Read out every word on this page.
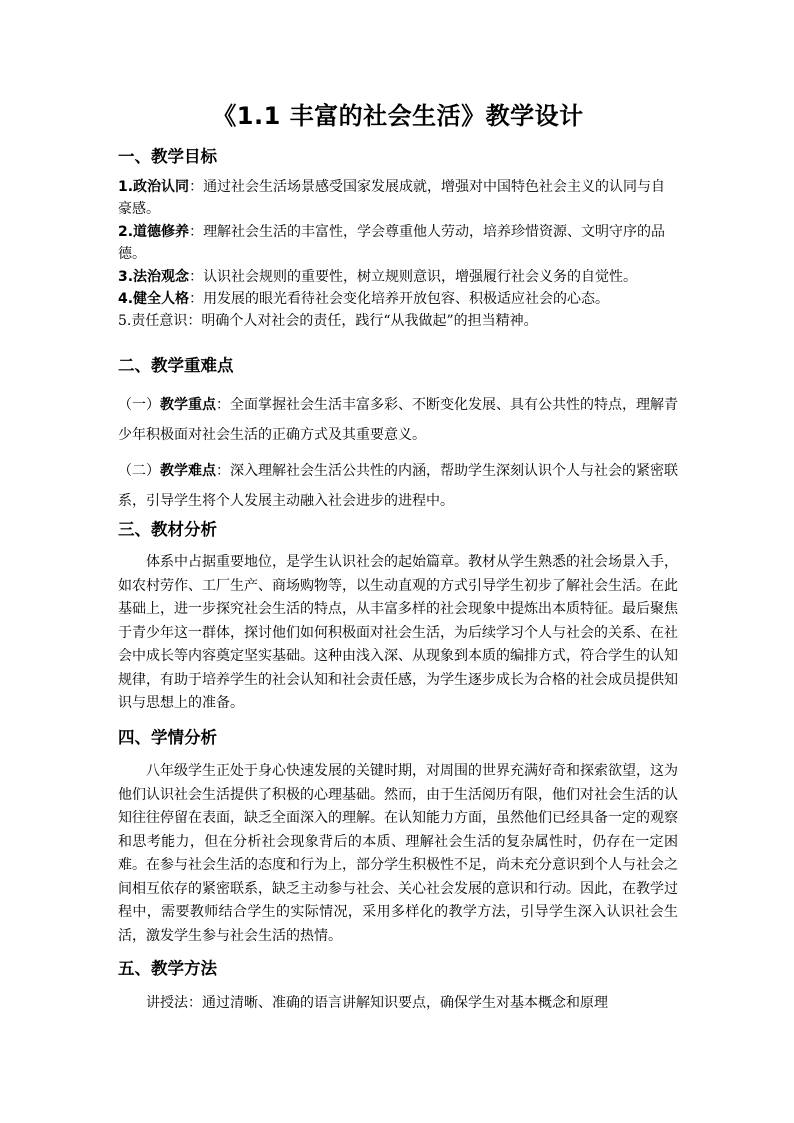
《1.1 丰富的社会生活》教学设计
一、教学目标

1.政治认同：通过社会生活场景感受国家发展成就，增强对中国特色社会主义的认同与自豪感。

2.道德修养：理解社会生活的丰富性，学会尊重他人劳动，培养珍惜资源、文明守序的品德。

3.法治观念：认识社会规则的重要性，树立规则意识，增强履行社会义务的自觉性。

4.健全人格：用发展的眼光看待社会变化培养开放包容、积极适应社会的心态。

5.责任意识：明确个人对社会的责任，践行“从我做起”的担当精神。

二、教学重难点

（一）教学重点：全面掌握社会生活丰富多彩、不断变化发展、具有公共性的特点，理解青少年积极面对社会生活的正确方式及其重要意义。

（二）教学难点：深入理解社会生活公共性的内涵，帮助学生深刻认识个人与社会的紧密联系，引导学生将个人发展主动融入社会进步的进程中。

三、教材分析

体系中占据重要地位，是学生认识社会的起始篇章。教材从学生熟悉的社会场景入手，如农村劳作、工厂生产、商场购物等，以生动直观的方式引导学生初步了解社会生活。在此基础上，进一步探究社会生活的特点，从丰富多样的社会现象中提炼出本质特征。最后聚焦于青少年这一群体，探讨他们如何积极面对社会生活，为后续学习个人与社会的关系、在社会中成长等内容奠定坚实基础。这种由浅入深、从现象到本质的编排方式，符合学生的认知规律，有助于培养学生的社会认知和社会责任感，为学生逐步成长为合格的社会成员提供知识与思想上的准备。

四、学情分析

八年级学生正处于身心快速发展的关键时期，对周围的世界充满好奇和探索欲望，这为他们认识社会生活提供了积极的心理基础。然而，由于生活阅历有限，他们对社会生活的认知往往停留在表面，缺乏全面深入的理解。在认知能力方面，虽然他们已经具备一定的观察和思考能力，但在分析社会现象背后的本质、理解社会生活的复杂属性时，仍存在一定困难。在参与社会生活的态度和行为上，部分学生积极性不足，尚未充分意识到个人与社会之间相互依存的紧密联系，缺乏主动参与社会、关心社会发展的意识和行动。因此，在教学过程中，需要教师结合学生的实际情况，采用多样化的教学方法，引导学生深入认识社会生活，激发学生参与社会生活的热情。

五、教学方法

讲授法：通过清晰、准确的语言讲解知识要点，确保学生对基本概念和原理
